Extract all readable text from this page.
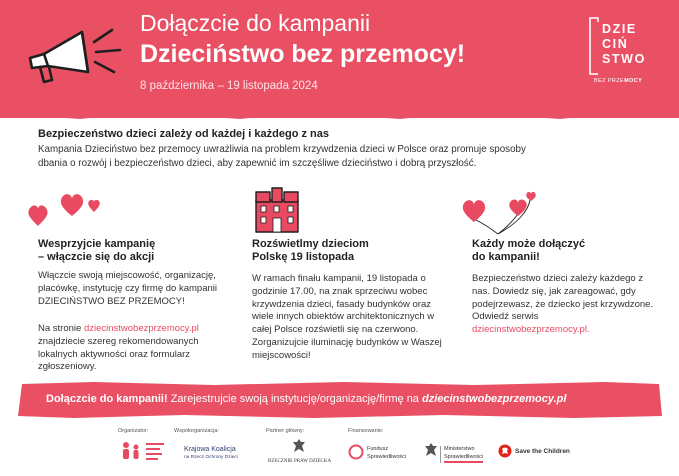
Dołączcie do kampanii
Dzieciństwo bez przemocy!
8 października – 19 listopada 2024
DZIE
CIŃ
STWO
BEZ PRZEMOCY
Bezpieczeństwo dzieci zależy od każdej i każdego z nas
Kampania Dzieciństwo bez przemocy uwrażliwia na problem krzywdzenia dzieci w Polsce oraz promuje sposoby dbania o rozwój i bezpieczeństwo dzieci, aby zapewnić im szczęśliwe dzieciństwo i dobrą przyszłość.
Wesprzyjcie kampanię
– włączcie się do akcji
Włączcie swoją miejscowość, organizację, placówkę, instytucję czy firmę do kampanii DZIECIŃSTWO BEZ PRZEMOCY!
Na stronie dziecinstwobezprzemocy.pl znajdziecie szereg rekomendowanych lokalnych aktywności oraz formularz zgłoszeniowy.
Rozświetlmy dzieciom
Polskę 19 listopada
W ramach finału kampanii, 19 listopada o godzinie 17.00, na znak sprzeciwu wobec krzywdzenia dzieci, fasady budynków oraz wiele innych obiektów architektonicznych w całej Polsce rozświetli się na czerwono. Zorganizujcie iluminację budynków w Waszej miejscowości!
Każdy może dołączyć
do kampanii!
Bezpieczeństwo dzieci zależy każdego z nas. Dowiedz się, jak zareagować, gdy podejrzewasz, że dziecko jest krzywdzone. Odwiedź serwis dziecinstwobezprzemocy.pl.
Dołączcie do kampanii! Zarejestrujcie swoją instytucję/organizację/firmę na dziecinstwobezprzemocy.pl
Organizator:	Współorganizacja:
Krajowa Koalicja
na Rzecz Ochrony Dzieci
Partner główny:
RZECZNIK PRAW DZIECKA
Finansowanie:
Fundusz
Sprawiedliwości
Ministerstwo
Sprawiedliwości
Save the Children
